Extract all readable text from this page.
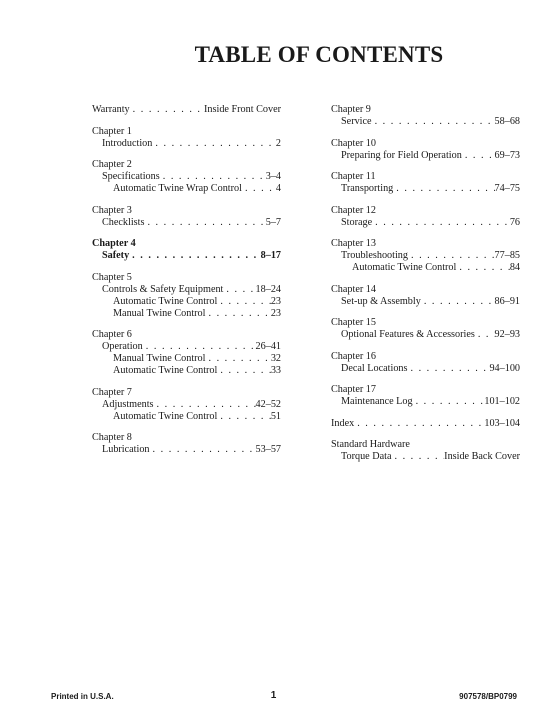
TABLE OF CONTENTS
Warranty . . .	Inside Front Cover
Chapter 1
Introduction . . .	2
Chapter 2
Specifications . . .	3–4
Automatic Twine Wrap Control . . .	4
Chapter 3
Checklists . . .	5–7
Chapter 4
Safety . . .	8–17
Chapter 5
Controls & Safety Equipment . . .	18–24
Automatic Twine Control . . .	23
Manual Twine Control . . .	23
Chapter 6
Operation . . .	26–41
Manual Twine Control . . .	32
Automatic Twine Control . . .	33
Chapter 7
Adjustments . . .	42–52
Automatic Twine Control . . .	51
Chapter 8
Lubrication . . .	53–57
Chapter 9
Service . . .	58–68
Chapter 10
Preparing for Field Operation . . .	69–73
Chapter 11
Transporting . . .	74–75
Chapter 12
Storage . . .	76
Chapter 13
Troubleshooting . . .	77–85
Automatic Twine Control . . .	84
Chapter 14
Set-up & Assembly . . .	86–91
Chapter 15
Optional Features & Accessories . . . 92–93
Chapter 16
Decal Locations . . .	94–100
Chapter 17
Maintenance Log . . .	101–102
Index . . .	103–104
Standard Hardware
Torque Data . . .	Inside Back Cover
Printed in U.S.A.	1	907578/BP0799
